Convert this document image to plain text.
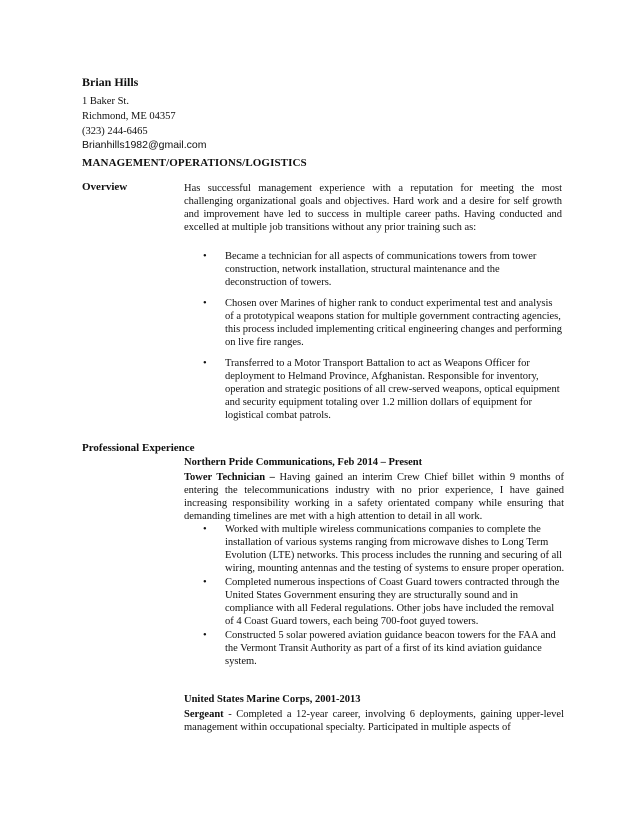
Brian Hills
1 Baker St.
Richmond, ME 04357
(323) 244-6465
Brianhills1982@gmail.com
MANAGEMENT/OPERATIONS/LOGISTICS
Overview	Has successful management experience with a reputation for meeting the most challenging organizational goals and objectives. Hard work and a desire for self growth and improvement have led to success in multiple career paths. Having conducted and excelled at multiple job transitions without any prior training such as:
• Became a technician for all aspects of communications towers from tower construction, network installation, structural maintenance and the deconstruction of towers.
• Chosen over Marines of higher rank to conduct experimental test and analysis of a prototypical weapons station for multiple government contracting agencies, this process included implementing critical engineering changes and performing on live fire ranges.
• Transferred to a Motor Transport Battalion to act as Weapons Officer for deployment to Helmand Province, Afghanistan. Responsible for inventory, operation and strategic positions of all crew-served weapons, optical equipment and security equipment totaling over 1.2 million dollars of equipment for logistical combat patrols.
Professional Experience
Northern Pride Communications, Feb 2014 – Present
Tower Technician – Having gained an interim Crew Chief billet within 9 months of entering the telecommunications industry with no prior experience, I have gained increasing responsibility working in a safety orientated company while ensuring that demanding timelines are met with a high attention to detail in all work.
• Worked with multiple wireless communications companies to complete the installation of various systems ranging from microwave dishes to Long Term Evolution (LTE) networks. This process includes the running and securing of all wiring, mounting antennas and the testing of systems to ensure proper operation.
• Completed numerous inspections of Coast Guard towers contracted through the United States Government ensuring they are structurally sound and in compliance with all Federal regulations. Other jobs have included the removal of 4 Coast Guard towers, each being 700-foot guyed towers.
• Constructed 5 solar powered aviation guidance beacon towers for the FAA and the Vermont Transit Authority as part of a first of its kind aviation guidance system.
United States Marine Corps, 2001-2013
Sergeant - Completed a 12-year career, involving 6 deployments, gaining upper-level management within occupational specialty. Participated in multiple aspects of
